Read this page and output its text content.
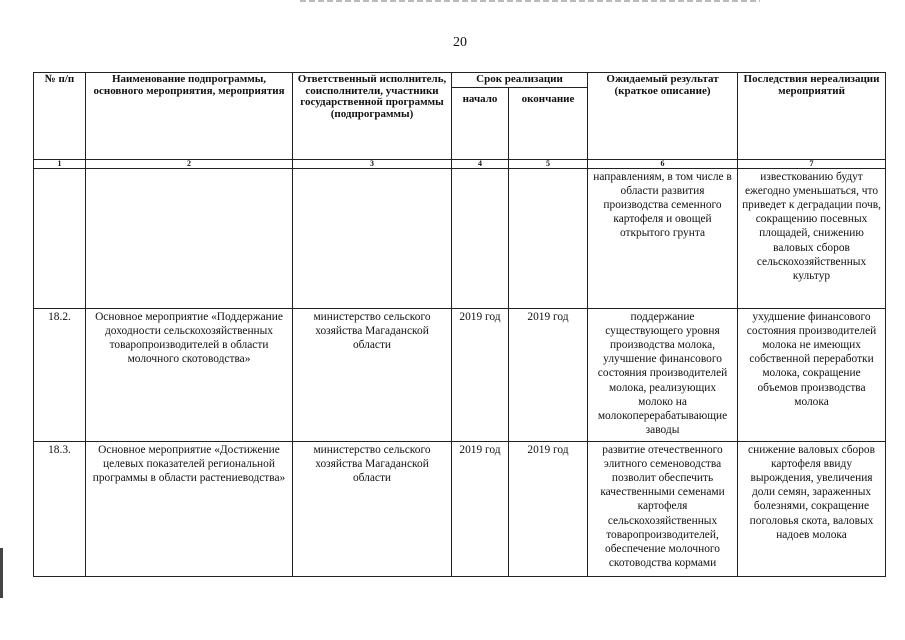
20
№ п/п	Наименование подпрограммы, основного мероприятия, мероприятия	Ответственный исполнитель, соисполнители, участники государственной программы (подпрограммы)	Срок реализации		Ожидаемый результат (краткое описание)	Последствия нереализации мероприятий
			начало	окончание		
1	2	3	4	5	6	7
					направлениям, в том числе в области развития производства семенного картофеля и овощей открытого грунта	известкованию будут ежегодно уменьшаться, что приведет к деградации почв, сокращению посевных площадей, снижению валовых сборов сельскохозяйственных культур
18.2.	Основное мероприятие «Поддержание доходности сельскохозяйственных товаропроизводителей в области молочного скотоводства»	министерство сельского хозяйства Магаданской области	2019 год	2019 год	поддержание существующего уровня производства молока, улучшение финансового состояния производителей молока, реализующих молоко на молокоперерабатывающие заводы	ухудшение финансового состояния производителей молока не имеющих собственной переработки молока, сокращение объемов производства молока
18.3.	Основное мероприятие «Достижение целевых показателей региональной программы в области растениеводства»	министерство сельского хозяйства Магаданской области	2019 год	2019 год	развитие отечественного элитного семеноводства позволит обеспечить качественными семенами картофеля сельскохозяйственных товаропроизводителей, обеспечение молочного скотоводства кормами	снижение валовых сборов картофеля ввиду вырождения, увеличения доли семян, зараженных болезнями, сокращение поголовья скота, валовых надоев молока
